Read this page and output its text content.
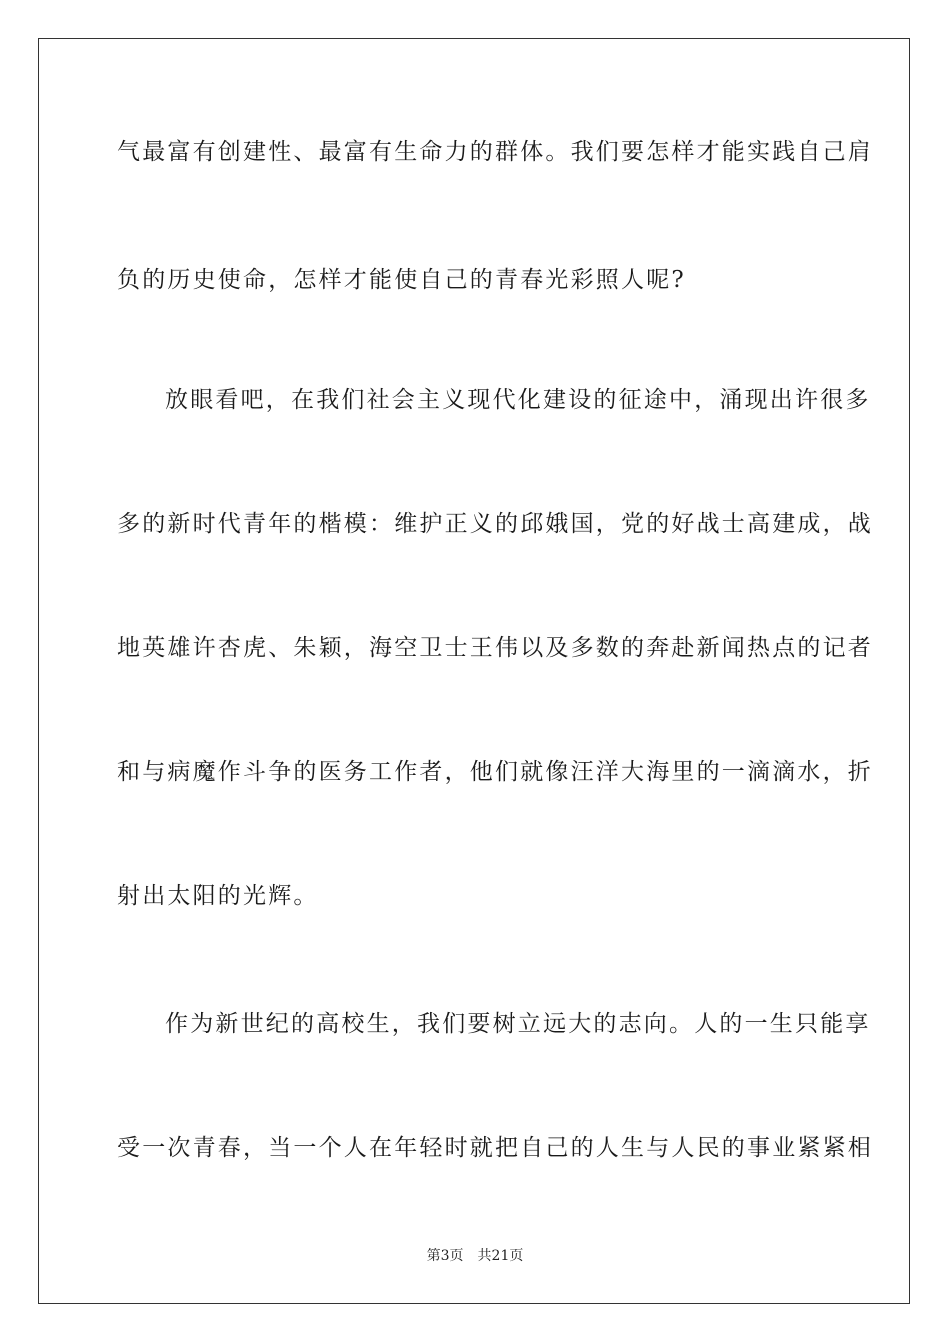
气最富有创建性、最富有生命力的群体。我们要怎样才能实践自己肩
负的历史使命，怎样才能使自己的青春光彩照人呢?
放眼看吧，在我们社会主义现代化建设的征途中，涌现出许很多
多的新时代青年的楷模：维护正义的邱娥国，党的好战士高建成，战
地英雄许杏虎、朱颖，海空卫士王伟以及多数的奔赴新闻热点的记者
和与病魔作斗争的医务工作者，他们就像汪洋大海里的一滴滴水，折
射出太阳的光辉。
作为新世纪的高校生，我们要树立远大的志向。人的一生只能享
受一次青春，当一个人在年轻时就把自己的人生与人民的事业紧紧相
第3页 共21页
